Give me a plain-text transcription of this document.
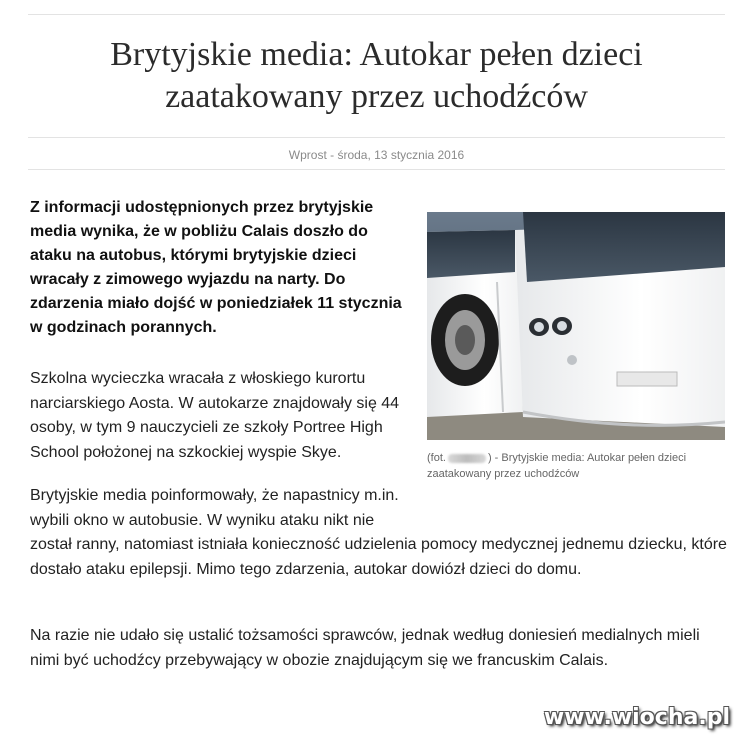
Brytyjskie media: Autokar pełen dzieci zaatakowany przez uchodźców
Wprost - środa, 13 stycznia 2016

Z informacji udostępnionych przez brytyjskie media wynika, że w pobliżu Calais doszło do ataku na autobus, którymi brytyjskie dzieci wracały z zimowego wyjazdu na narty. Do zdarzenia miało dojść w poniedziałek 11 stycznia w godzinach porannych.

(fot.	) - Brytyjskie media: Autokar pełen dzieci zaatakowany przez uchodźców

Szkolna wycieczka wracała z włoskiego kurortu narciarskiego Aosta. W autokarze znajdowały się 44 osoby, w tym 9 nauczycieli ze szkoły Portree High School położonej na szkockiej wyspie Skye.

Brytyjskie media poinformowały, że napastnicy m.in. wybili okno w autobusie. W wyniku ataku nikt nie został ranny, natomiast istniała konieczność udzielenia pomocy medycznej jednemu dziecku, które dostało ataku epilepsji. Mimo tego zdarzenia, autokar dowiózł dzieci do domu.

Na razie nie udało się ustalić tożsamości sprawców, jednak według doniesień medialnych mieli nimi być uchodźcy przebywający w obozie znajdującym się we francuskim Calais.

www.wiocha.pl
